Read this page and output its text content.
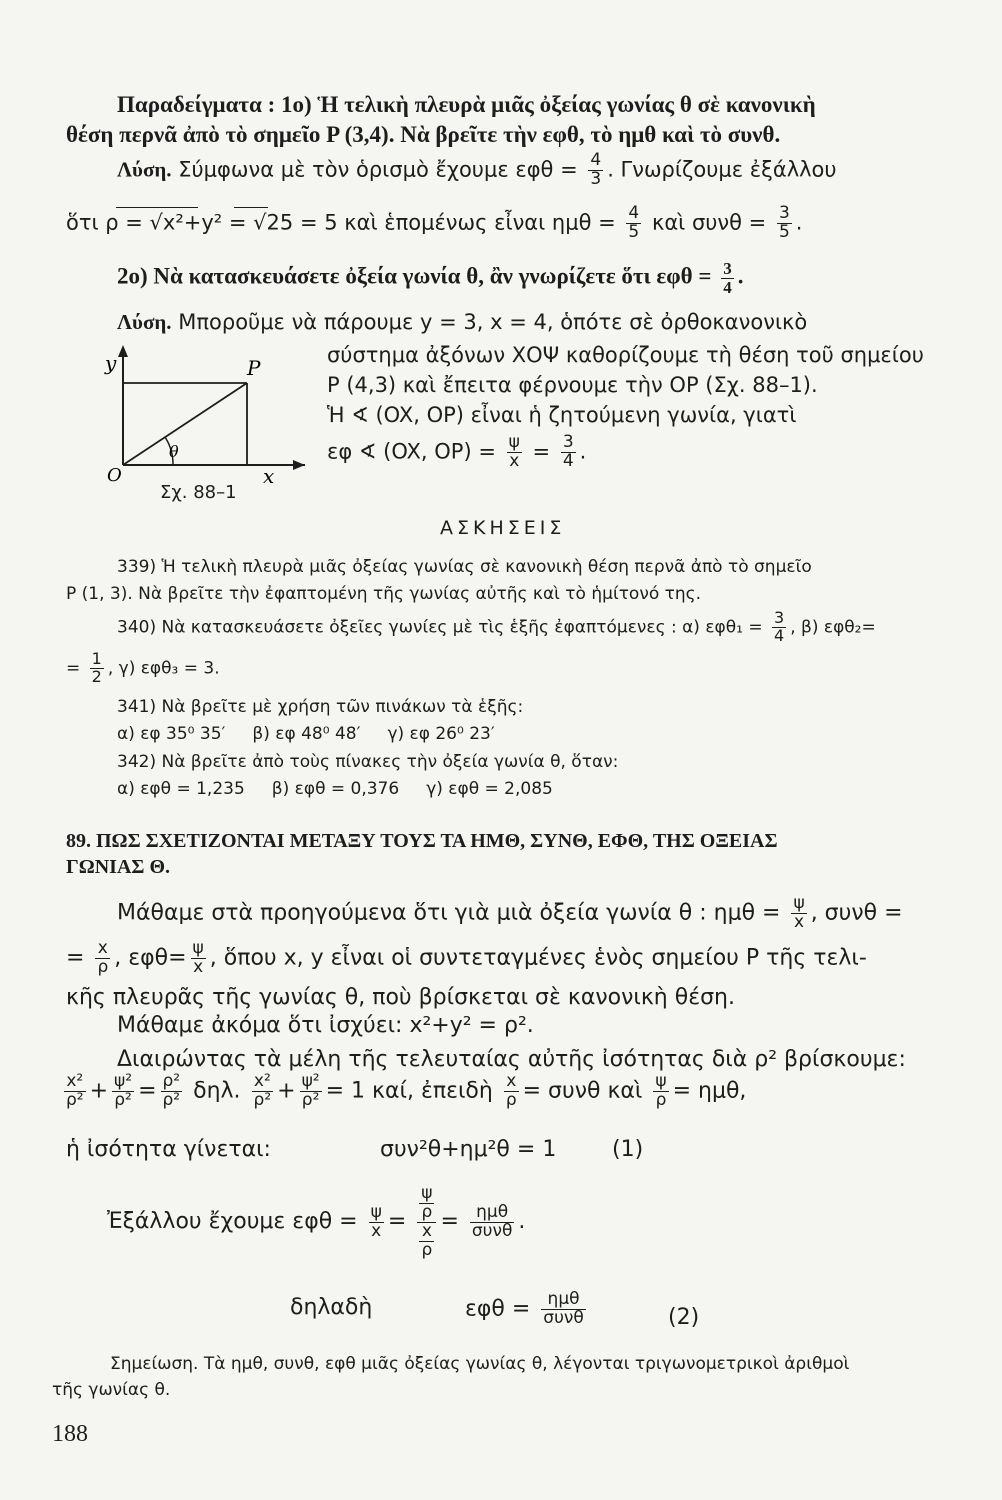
Παραδείγματα : 1ο) Ἡ τελικὴ πλευρὰ μιᾶς ὀξείας γωνίας θ σὲ κανονικὴ
θέση περνᾶ ἀπὸ τὸ σημεῖο P (3,4). Νὰ βρεῖτε τὴν εφθ, τὸ ημθ καὶ τὸ συνθ.
Λύση. Σύμφωνα μὲ τὸν ὁρισμὸ ἔχουμε $\varepsilon\varphi\theta = \frac{4}{3}$ . Γνωρίζουμε ἐξάλλου
ὅτι ρ = √x²+y² = √25 = 5 καὶ ἑπομένως εἶναι $\eta\mu\theta = \frac{4}{5}$ καὶ $\sigma\upsilon\nu\theta = \frac{3}{5}$ .
2ο) Νὰ κατασκευάσετε ὀξεία γωνία θ, ἂν γνωρίζετε ὅτι $\varepsilon\varphi\theta = \frac{3}{4}$ .
Λύση. Μποροῦμε νὰ πάρουμε y = 3, x = 4, ὁπότε σὲ ὀρθοκανονικὸ
σύστημα ἀξόνων ΧΟΨ καθορίζουμε τὴ θέση τοῦ σημείου
P (4,3) καὶ ἔπειτα φέρνουμε τὴν OP (Σχ. 88–1).
Ἡ ∢ (OX, OP) εἶναι ἡ ζητούμενη γωνία, γιατὶ
εφ ∢ (OX, $OP) = \frac{\psi}{x} = \frac{3}{4}$ .
y	P
O	x
θ
Σχ. 88–1
ΑΣΚΗΣΕΙΣ
339) Ἡ τελικὴ πλευρὰ μιᾶς ὀξείας γωνίας σὲ κανονικὴ θέση περνᾶ ἀπὸ τὸ σημεῖο
P (1, 3). Νὰ βρεῖτε τὴν ἐφαπτομένη τῆς γωνίας αὐτῆς καὶ τὸ ἡμίτονό της.
340) Νὰ κατασκευάσετε ὀξεῖες γωνίες μὲ τὶς ἑξῆς ἐφαπτόμενες : α) $\varepsilon\varphi\theta_1 = \frac{3}{4}$ , β) εφθ₂=
= $\frac{1}{2}$ , γ) εφθ₃ = 3.
341) Νὰ βρεῖτε μὲ χρήση τῶν πινάκων τὰ ἑξῆς:
α) εφ 35⁰ 35′     β) εφ 48⁰ 48′     γ) εφ 26⁰ 23′
342) Νὰ βρεῖτε ἀπὸ τοὺς πίνακες τὴν ὀξεία γωνία θ, ὅταν:
α) εφθ = 1,235     β) εφθ = 0,376     γ) εφθ = 2,085
89. ΠΩΣ ΣΧΕΤΙΖΟΝΤΑΙ ΜΕΤΑΞΥ ΤΟΥΣ ΤΑ ΗΜΘ, ΣΥΝΘ, ΕΦΘ, ΤΗΣ ΟΞΕΙΑΣ
ΓΩΝΙΑΣ Θ.
Μάθαμε στὰ προηγούμενα ὅτι γιὰ μιὰ ὀξεία γωνία θ : $\eta\mu\theta = \frac{\psi}{x}$ , συνθ =
= $\frac{x}{\rho}$ , $\varepsilon\varphi\theta= \frac{\psi}{x}$ , ὅπου x, y εἶναι οἱ συντεταγμένες ἑνὸς σημείου P τῆς τελι-
κῆς πλευρᾶς τῆς γωνίας θ, ποὺ βρίσκεται σὲ κανονικὴ θέση.
Μάθαμε ἀκόμα ὅτι ἰσχύει: x²+y² = ρ².
Διαιρώντας τὰ μέλη τῆς τελευταίας αὐτῆς ἰσότητας διὰ ρ² βρίσκουμε:
$\frac{\text{x²}}{\text{ρ²}} + \frac{\text{ψ²}}{\text{ρ²}} = \frac{\text{ρ²}}{\text{ρ²}} \delta\eta\lambda$. $\frac{\text{x²}}{\text{ρ²}} + \frac{\text{ψ²}}{\text{ρ²}} = 1$ καί, ἐπειδὴ $\frac{x}{\rho} = \sigma\upsilon\nu\theta$ καὶ $\frac{\psi}{\rho} = \eta\mu\theta$,
ἡ ἰσότητα γίνεται:	συν²θ+ημ²θ = 1	(1)
Ἐξάλλου ἔχουμε $\varepsilon\varphi\theta = \frac{\psi}{x} = \frac{\frac{\psi}{\rho}}{\frac{x}{\rho}} = \frac{\text{ημθ}}{\text{συνθ}}$ .
δηλαδὴ	$\varepsilon\varphi\theta = \frac{\text{ημθ}}{\text{συνθ}}$	(2)
Σημείωση. Τὰ ημθ, συνθ, εφθ μιᾶς ὀξείας γωνίας θ, λέγονται τριγωνομετρικοὶ ἀριθμοὶ
τῆς γωνίας θ.
188
